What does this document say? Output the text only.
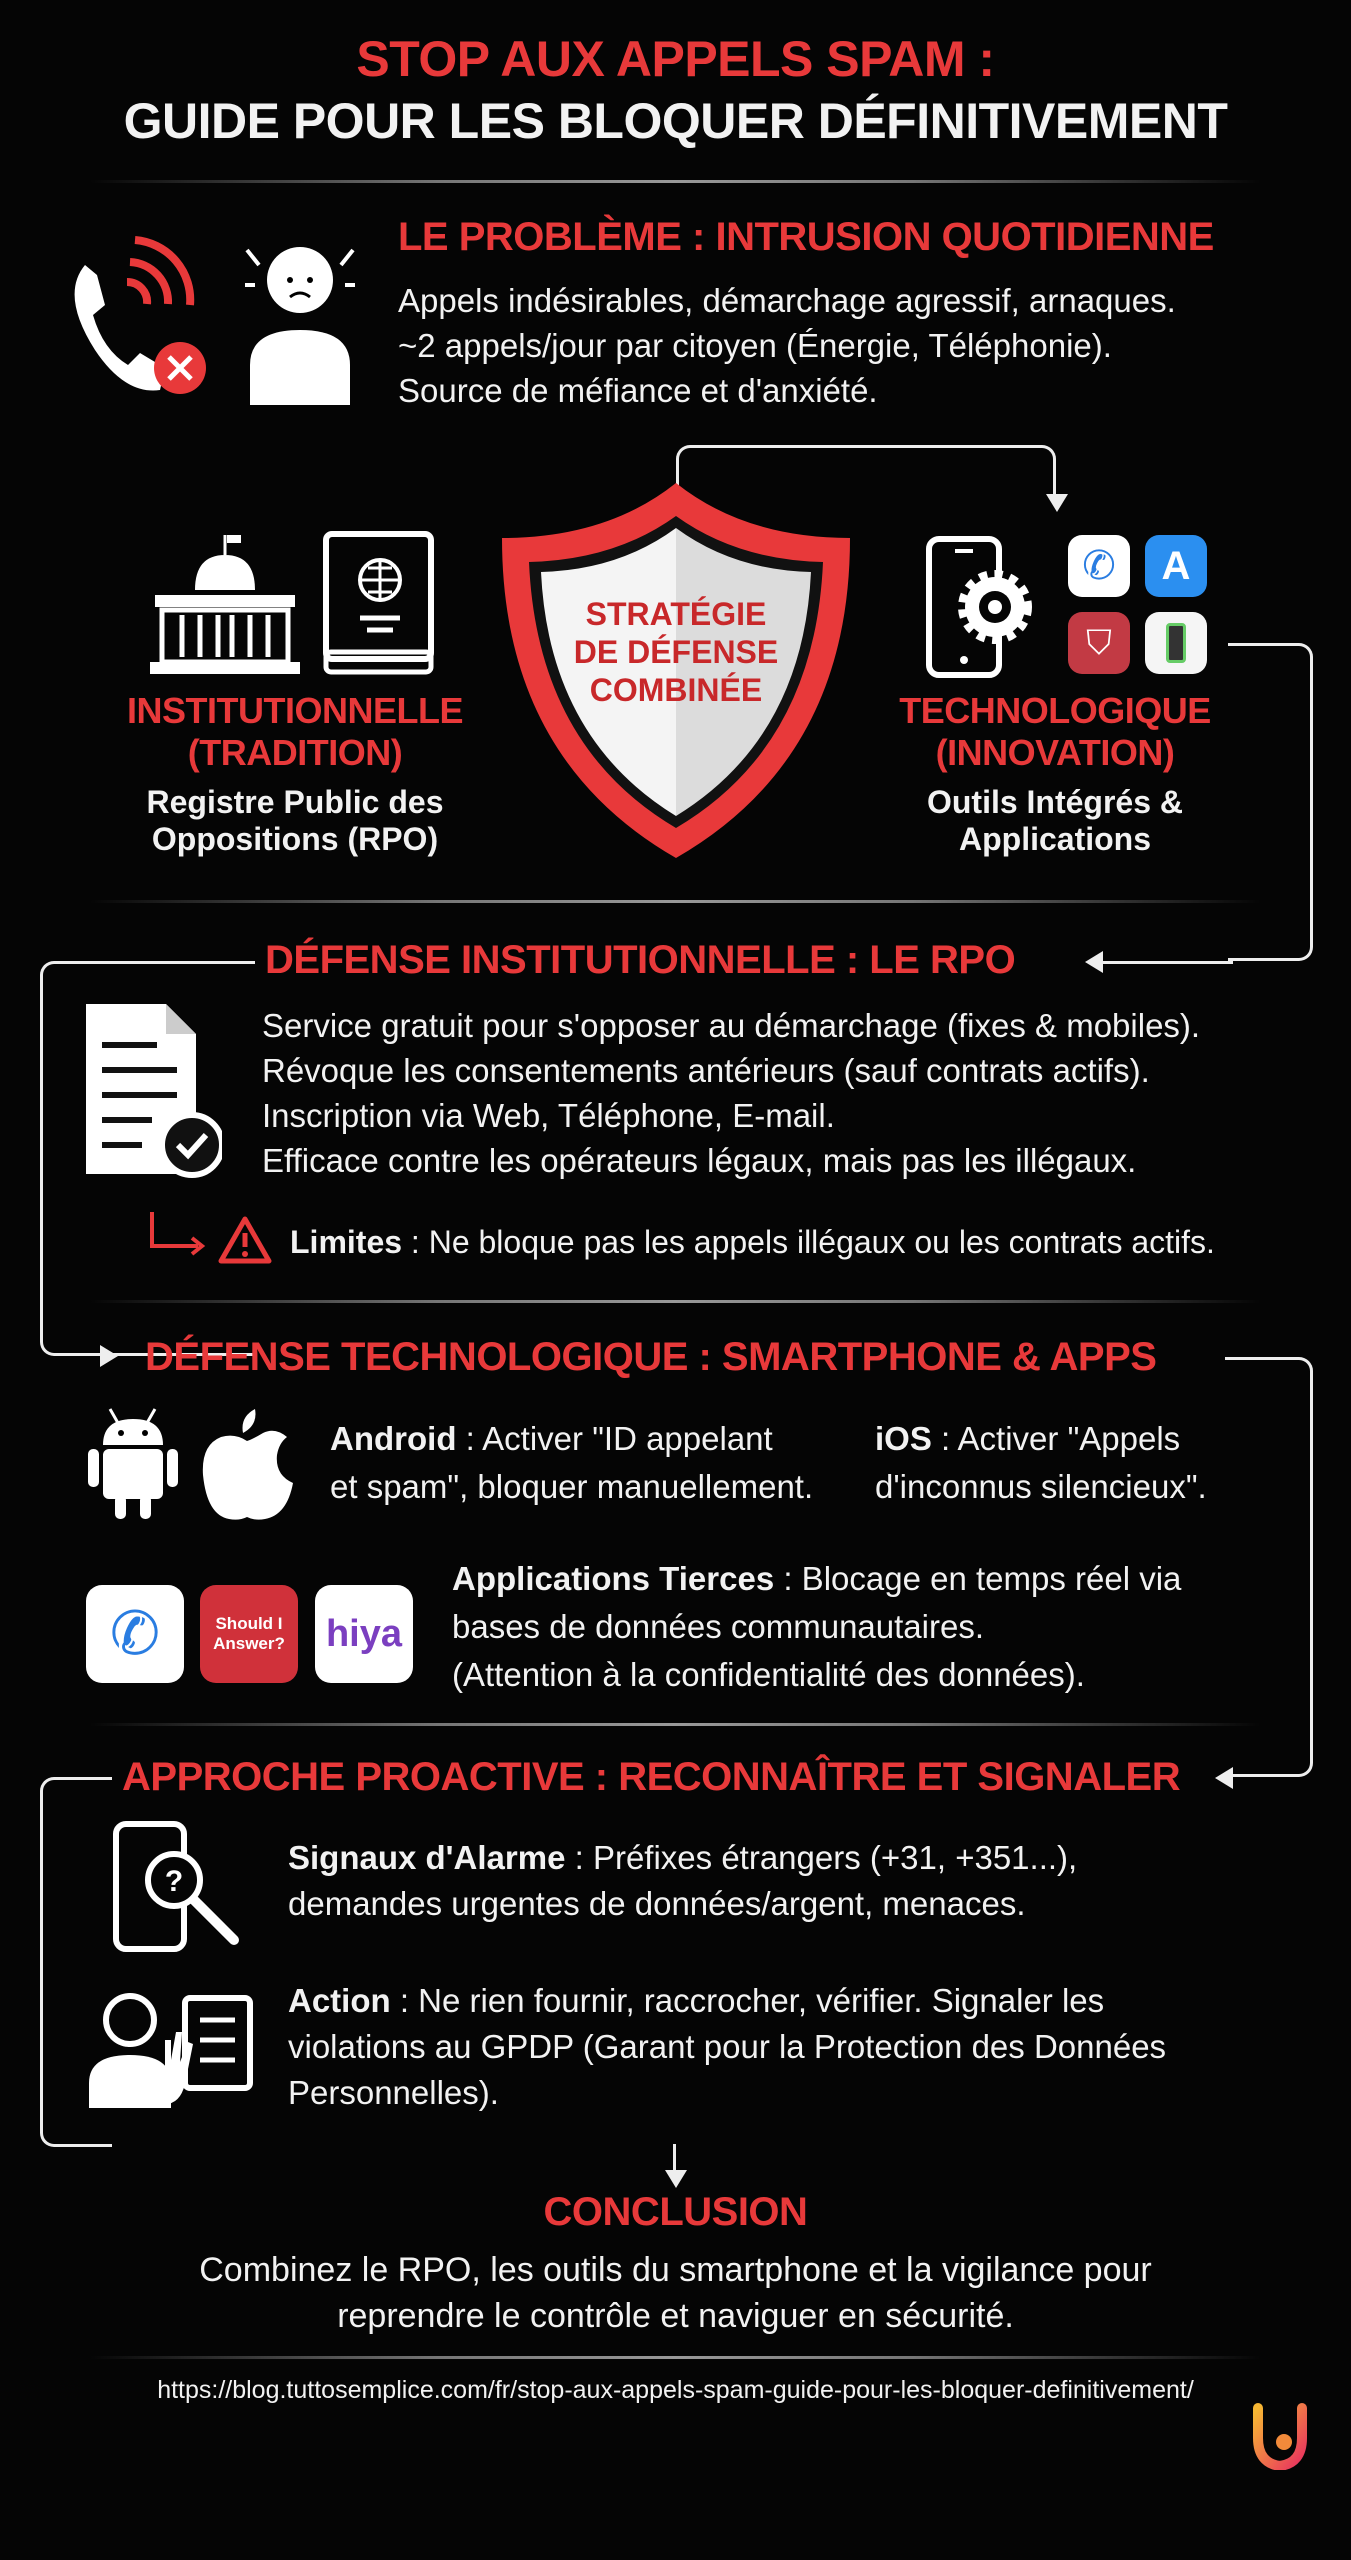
STOP AUX APPELS SPAM :
GUIDE POUR LES BLOQUER DÉFINITIVEMENT
LE PROBLÈME : INTRUSION QUOTIDIENNE
Appels indésirables, démarchage agressif, arnaques.
~2 appels/jour par citoyen (Énergie, Téléphonie).
Source de méfiance et d'anxiété.
INSTITUTIONNELLE
(TRADITION)
Registre Public des
Oppositions (RPO)
STRATÉGIE
DE DÉFENSE
COMBINÉE
✆ A
⛉
TECHNOLOGIQUE
(INNOVATION)
Outils Intégrés &
Applications
DÉFENSE INSTITUTIONNELLE : LE RPO
Service gratuit pour s'opposer au démarchage (fixes & mobiles).
Révoque les consentements antérieurs (sauf contrats actifs).
Inscription via Web, Téléphone, E-mail.
Efficace contre les opérateurs légaux, mais pas les illégaux.
Limites : Ne bloque pas les appels illégaux ou les contrats actifs.
DÉFENSE TECHNOLOGIQUE : SMARTPHONE & APPS
Android : Activer "ID appelant
et spam", bloquer manuellement.
iOS : Activer "Appels
d'inconnus silencieux".
✆	Should I Answer? hiya
Applications Tierces : Blocage en temps réel via
bases de données communautaires.
(Attention à la confidentialité des données).
APPROCHE PROACTIVE : RECONNAÎTRE ET SIGNALER
?
Signaux d'Alarme : Préfixes étrangers (+31, +351...),
demandes urgentes de données/argent, menaces.
Action : Ne rien fournir, raccrocher, vérifier. Signaler les
violations au GPDP (Garant pour la Protection des Données
Personnelles).
CONCLUSION
Combinez le RPO, les outils du smartphone et la vigilance pour
reprendre le contrôle et naviguer en sécurité.
https://blog.tuttosemplice.com/fr/stop-aux-appels-spam-guide-pour-les-bloquer-definitivement/
